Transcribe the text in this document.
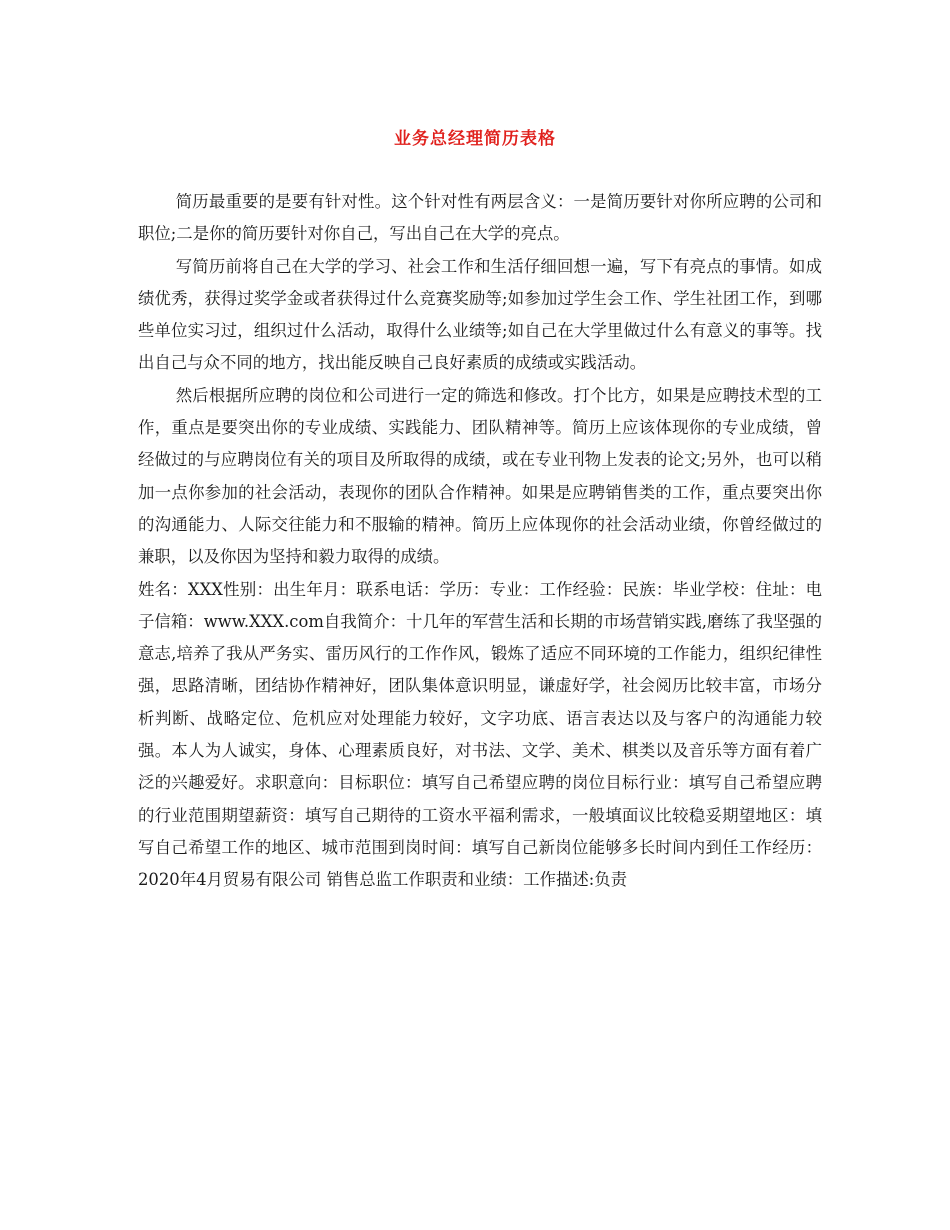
业务总经理简历表格

简历最重要的是要有针对性。这个针对性有两层含义：一是简历要针对你所应聘的公司和职位;二是你的简历要针对你自己，写出自己在大学的亮点。

写简历前将自己在大学的学习、社会工作和生活仔细回想一遍，写下有亮点的事情。如成绩优秀，获得过奖学金或者获得过什么竞赛奖励等;如参加过学生会工作、学生社团工作，到哪些单位实习过，组织过什么活动，取得什么业绩等;如自己在大学里做过什么有意义的事等。找出自己与众不同的地方，找出能反映自己良好素质的成绩或实践活动。

然后根据所应聘的岗位和公司进行一定的筛选和修改。打个比方，如果是应聘技术型的工作，重点是要突出你的专业成绩、实践能力、团队精神等。简历上应该体现你的专业成绩，曾经做过的与应聘岗位有关的项目及所取得的成绩，或在专业刊物上发表的论文;另外，也可以稍加一点你参加的社会活动，表现你的团队合作精神。如果是应聘销售类的工作，重点要突出你的沟通能力、人际交往能力和不服输的精神。简历上应体现你的社会活动业绩，你曾经做过的兼职，以及你因为坚持和毅力取得的成绩。

姓名：XXX性别：出生年月：联系电话：学历：专业：工作经验：民族：毕业学校：住址：电子信箱：www.XXX.com自我简介：十几年的军营生活和长期的市场营销实践,磨练了我坚强的意志,培养了我从严务实、雷历风行的工作作风，锻炼了适应不同环境的工作能力，组织纪律性强，思路清晰，团结协作精神好，团队集体意识明显，谦虚好学，社会阅历比较丰富，市场分析判断、战略定位、危机应对处理能力较好，文字功底、语言表达以及与客户的沟通能力较强。本人为人诚实，身体、心理素质良好，对书法、文学、美术、棋类以及音乐等方面有着广泛的兴趣爱好。求职意向：目标职位：填写自己希望应聘的岗位目标行业：填写自己希望应聘的行业范围期望薪资：填写自己期待的工资水平福利需求，一般填面议比较稳妥期望地区：填写自己希望工作的地区、城市范围到岗时间：填写自己新岗位能够多长时间内到任工作经历：2020年4月贸易有限公司 销售总监工作职责和业绩：工作描述:负责
